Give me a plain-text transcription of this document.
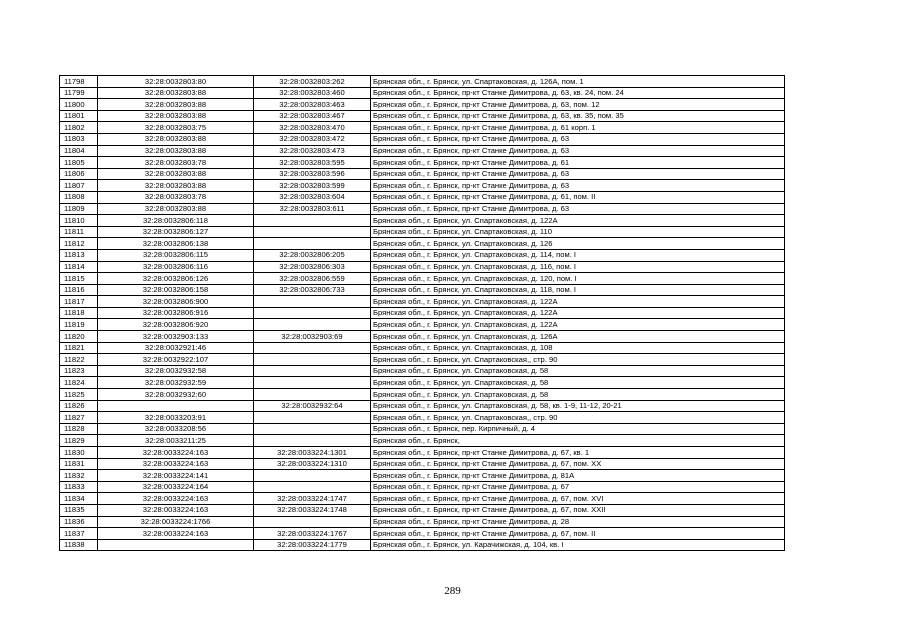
11798	32:28:0032803:80	32:28:0032803:262	Брянская обл., г. Брянск, ул. Спартаковская, д. 126А, пом. 1
11799	32:28:0032803:88	32:28:0032803:460	Брянская обл., г. Брянск, пр-кт Станке Димитрова, д. 63, кв. 24, пом. 24
11800	32:28:0032803:88	32:28:0032803:463	Брянская обл., г. Брянск, пр-кт Станке Димитрова, д. 63, пом. 12
11801	32:28:0032803:88	32:28:0032803:467	Брянская обл., г. Брянск, пр-кт Станке Димитрова, д. 63, кв. 35, пом. 35
11802	32:28:0032803:75	32:28:0032803:470	Брянская обл., г. Брянск, пр-кт Станке Димитрова, д. 61 корп. 1
11803	32:28:0032803:88	32:28:0032803:472	Брянская обл., г. Брянск, пр-кт Станке Димитрова, д. 63
11804	32:28:0032803:88	32:28:0032803:473	Брянская обл., г. Брянск, пр-кт Станке Димитрова, д. 63
11805	32:28:0032803:78	32:28:0032803:595	Брянская обл., г. Брянск, пр-кт Станке Димитрова, д. 61
11806	32:28:0032803:88	32:28:0032803:596	Брянская обл., г. Брянск, пр-кт Станке Димитрова, д. 63
11807	32:28:0032803:88	32:28:0032803:599	Брянская обл., г. Брянск, пр-кт Станке Димитрова, д. 63
11808	32:28:0032803:78	32:28:0032803:604	Брянская обл., г. Брянск, пр-кт Станке Димитрова, д. 61, пом. II
11809	32:28:0032803:88	32:28:0032803:611	Брянская обл., г. Брянск, пр-кт Станке Димитрова, д. 63
11810	32:28:0032806:118		Брянская обл., г. Брянск, ул. Спартаковская, д. 122А
11811	32:28:0032806:127		Брянская обл., г. Брянск, ул. Спартаковская, д. 110
11812	32:28:0032806:138		Брянская обл., г. Брянск, ул. Спартаковская, д. 126
11813	32:28:0032806:115	32:28:0032806:205	Брянская обл., г. Брянск, ул. Спартаковская, д. 114, пом. I
11814	32:28:0032806:116	32:28:0032806:303	Брянская обл., г. Брянск, ул. Спартаковская, д. 116, пом. I
11815	32:28:0032806:126	32:28:0032806:559	Брянская обл., г. Брянск, ул. Спартаковская, д. 120, пом. I
11816	32:28:0032806:158	32:28:0032806:733	Брянская обл., г. Брянск, ул. Спартаковская, д. 118, пом. I
11817	32:28:0032806:900		Брянская обл., г. Брянск, ул. Спартаковская, д. 122А
11818	32:28:0032806:916		Брянская обл., г. Брянск, ул. Спартаковская, д. 122А
11819	32:28:0032806:920		Брянская обл., г. Брянск, ул. Спартаковская, д. 122А
11820	32:28:0032903:133	32:28:0032903:69	Брянская обл., г. Брянск, ул. Спартаковская, д. 126А
11821	32:28:0032921:46		Брянская обл., г. Брянск, ул. Спартаковская, д. 108
11822	32:28:0032922:107		Брянская обл., г. Брянск, ул. Спартаковская,, стр. 90
11823	32:28:0032932:58		Брянская обл., г. Брянск, ул. Спартаковская, д. 58
11824	32:28:0032932:59		Брянская обл., г. Брянск, ул. Спартаковская, д. 58
11825	32:28:0032932:60		Брянская обл., г. Брянск, ул. Спартаковская, д. 58
11826		32:28:0032932:64	Брянская обл., г. Брянск, ул. Спартаковская, д. 58, кв. 1-9, 11-12, 20-21
11827	32:28:0033203:91		Брянская обл., г. Брянск, ул. Спартаковская,, стр. 90
11828	32:28:0033208:56		Брянская обл., г. Брянск, пер. Кирпичный, д. 4
11829	32:28:0033211:25		Брянская обл., г. Брянск,
11830	32:28:0033224:163	32:28:0033224:1301	Брянская обл., г. Брянск, пр-кт Станке Димитрова, д. 67, кв. 1
11831	32:28:0033224:163	32:28:0033224:1310	Брянская обл., г. Брянск, пр-кт Станке Димитрова, д. 67, пом. XX
11832	32:28:0033224:141		Брянская обл., г. Брянск, пр-кт Станке Димитрова, д. 81А
11833	32:28:0033224:164		Брянская обл., г. Брянск, пр-кт Станке Димитрова, д. 67
11834	32:28:0033224:163	32:28:0033224:1747	Брянская обл., г. Брянск, пр-кт Станке Димитрова, д. 67, пом. XVI
11835	32:28:0033224:163	32:28:0033224:1748	Брянская обл., г. Брянск, пр-кт Станке Димитрова, д. 67, пом. XXII
11836	32:28:0033224:1766		Брянская обл., г. Брянск, пр-кт Станке Димитрова, д. 28
11837	32:28:0033224:163	32:28:0033224:1767	Брянская обл., г. Брянск, пр-кт Станке Димитрова, д. 67, пом. II
11838		32:28:0033224:1779	Брянская обл., г. Брянск, ул. Карачижская, д. 104, кв. I
289
